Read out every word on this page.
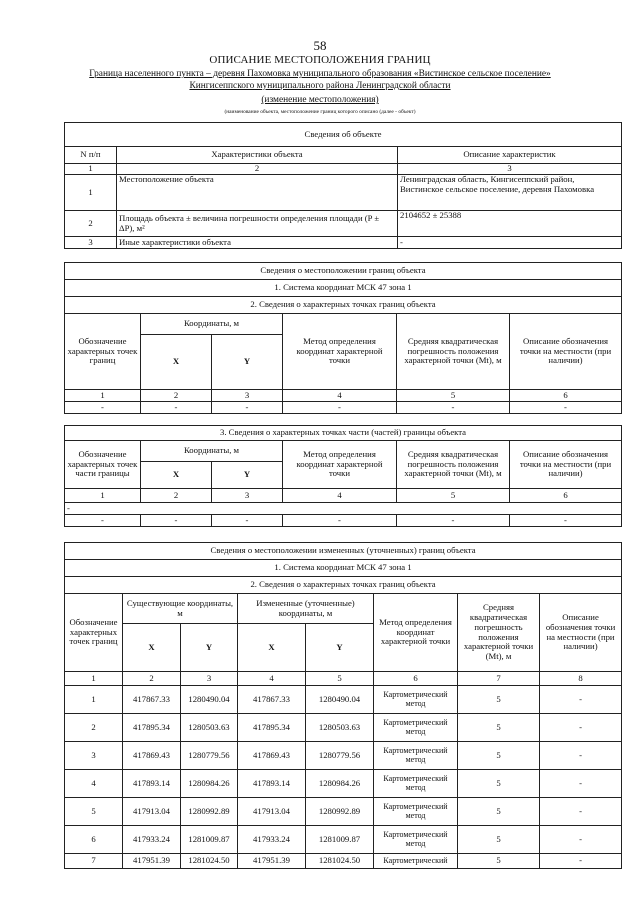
58
ОПИСАНИЕ МЕСТОПОЛОЖЕНИЯ ГРАНИЦ
Граница населенного пункта – деревня Пахомовка муниципального образования «Вистинское сельское поселение»
Кингисеппского муниципального района Ленинградской области
(изменение местоположения)
(наименование объекта, местоположение границ которого описано (далее - объект)
Сведения об объекте		
N п/п	Характеристики объекта	Описание характеристик
1	2	3
1	Местоположение объекта	Ленинградская область, Кингисеппский район, Вистинское сельское поселение, деревня Пахомовка
2	Площадь объекта ± величина погрешности определения площади (P ± ΔP), м²	2104652 ± 25388
3	Иные характеристики объекта	-
Сведения о местоположении границ объекта					
1. Система координат МСК 47 зона 1					
2. Сведения о характерных точках границ объекта					
Обозначение характерных точек границ	Координаты, м		Метод определения координат характерной точки	Средняя квадратическая погрешность положения характерной точки (Mt), м	Описание обозначения точки на местности (при наличии)
	X	Y			
1	2	3	4	5	6
-	-	-	-	-	-
3. Сведения о характерных точках части (частей) границы объекта					
Обозначение характерных точек части границы	Координаты, м		Метод определения координат характерной точки	Средняя квадратическая погрешность положения характерной точки (Mt), м	Описание обозначения точки на местности (при наличии)
	X	Y			
1	2	3	4	5	6
-					
-	-	-	-	-	-
Сведения о местоположении измененных (уточненных) границ объекта							
1. Система координат МСК 47 зона 1							
2. Сведения о характерных точках границ объекта							
Обозначение характерных точек границ	Существующие координаты, м		Измененные (уточненные) координаты, м		Метод определения координат характерной точки	Средняя квадратическая погрешность положения характерной точки (Mt), м	Описание обозначения точки на местности (при наличии)
	X	Y	X	Y			
1	2	3	4	5	6	7	8
1	417867.33	1280490.04	417867.33	1280490.04	Картометрический метод	5	-
2	417895.34	1280503.63	417895.34	1280503.63	Картометрический метод	5	-
3	417869.43	1280779.56	417869.43	1280779.56	Картометрический метод	5	-
4	417893.14	1280984.26	417893.14	1280984.26	Картометрический метод	5	-
5	417913.04	1280992.89	417913.04	1280992.89	Картометрический метод	5	-
6	417933.24	1281009.87	417933.24	1281009.87	Картометрический метод	5	-
7	417951.39	1281024.50	417951.39	1281024.50	Картометрический	5	-
